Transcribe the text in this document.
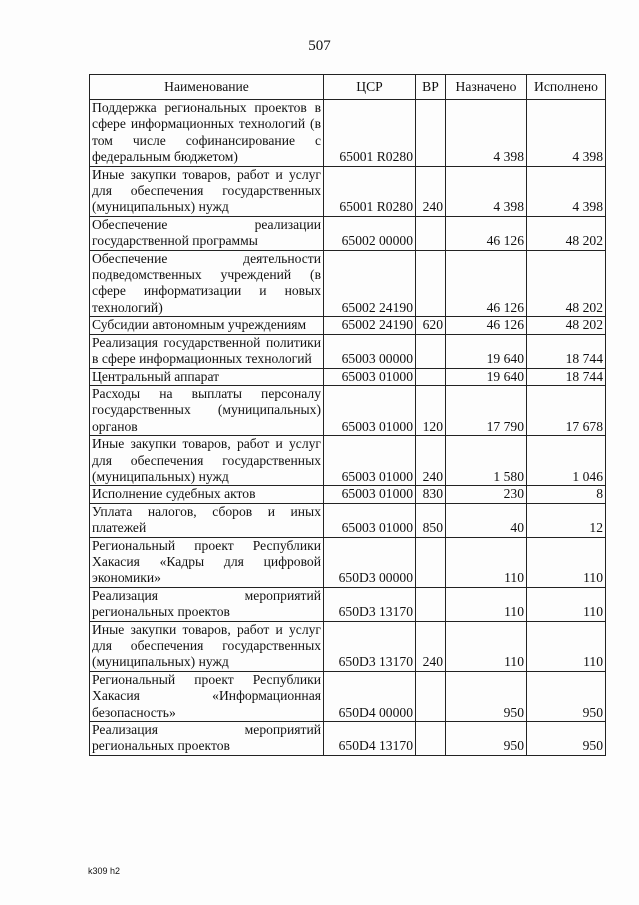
507
Наименование	ЦСР	ВР	Назначено	Исполнено
Поддержка региональных проектов в сфере информационных технологий (в том числе софинансирование с федеральным бюджетом)	65001 R0280		4 398	4 398
Иные закупки товаров, работ и услуг для обеспечения государственных (муниципальных) нужд	65001 R0280	240	4 398	4 398
Обеспечение реализации государственной программы	65002 00000		46 126	48 202
Обеспечение деятельности подведомственных учреждений (в сфере информатизации и новых технологий)	65002 24190		46 126	48 202
Субсидии автономным учреждениям	65002 24190	620	46 126	48 202
Реализация государственной политики в сфере информационных технологий	65003 00000		19 640	18 744
Центральный аппарат	65003 01000		19 640	18 744
Расходы на выплаты персоналу государственных (муниципальных) органов	65003 01000	120	17 790	17 678
Иные закупки товаров, работ и услуг для обеспечения государственных (муниципальных) нужд	65003 01000	240	1 580	1 046
Исполнение судебных актов	65003 01000	830	230	8
Уплата налогов, сборов и иных платежей	65003 01000	850	40	12
Региональный проект Республики Хакасия «Кадры для цифровой экономики»	650D3 00000		110	110
Реализация мероприятий региональных проектов	650D3 13170		110	110
Иные закупки товаров, работ и услуг для обеспечения государственных (муниципальных) нужд	650D3 13170	240	110	110
Региональный проект Республики Хакасия «Информационная безопасность»	650D4 00000		950	950
Реализация мероприятий региональных проектов	650D4 13170		950	950
k309 h2
